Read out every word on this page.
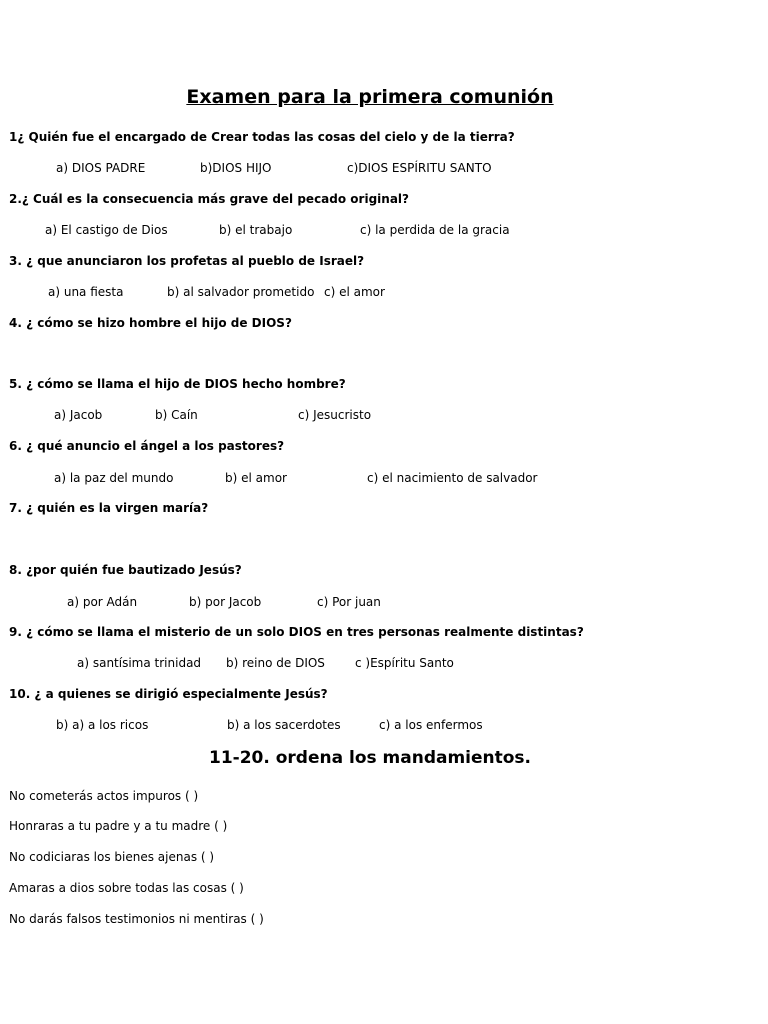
Examen para la primera comunión
1¿ Quién fue el encargado de Crear todas las cosas del cielo y de la tierra?
a) DIOS PADRE	b)DIOS HIJO	c)DIOS ESPÍRITU SANTO
2.¿ Cuál es la consecuencia más grave del pecado original?
a) El castigo de Dios	b) el trabajo	c) la perdida de la gracia
3. ¿ que anunciaron los profetas al pueblo de Israel?
a) una fiesta	b) al salvador prometido c) el amor
4. ¿ cómo se hizo hombre el hijo de DIOS?
5. ¿ cómo se llama el hijo de DIOS hecho hombre?
a) Jacob	b) Caín	c) Jesucristo
6. ¿ qué anuncio el ángel a los pastores?
a) la paz del mundo	b) el amor	c) el nacimiento de salvador
7. ¿ quién es la virgen maría?
8. ¿por quién fue bautizado Jesús?
a) por Adán	b) por Jacob	c) Por juan
9. ¿ cómo se llama el misterio de un solo DIOS en tres personas realmente distintas?
a) santísima trinidad b) reino de DIOS	c )Espíritu Santo
10. ¿ a quienes se dirigió especialmente Jesús?
b) a) a los ricos	b) a los sacerdotes	c) a los enfermos
11-20. ordena los mandamientos.
No cometerás actos impuros ( )
Honraras a tu padre y a tu madre ( )
No codiciaras los bienes ajenas ( )
Amaras a dios sobre todas las cosas ( )
No darás falsos testimonios ni mentiras ( )
